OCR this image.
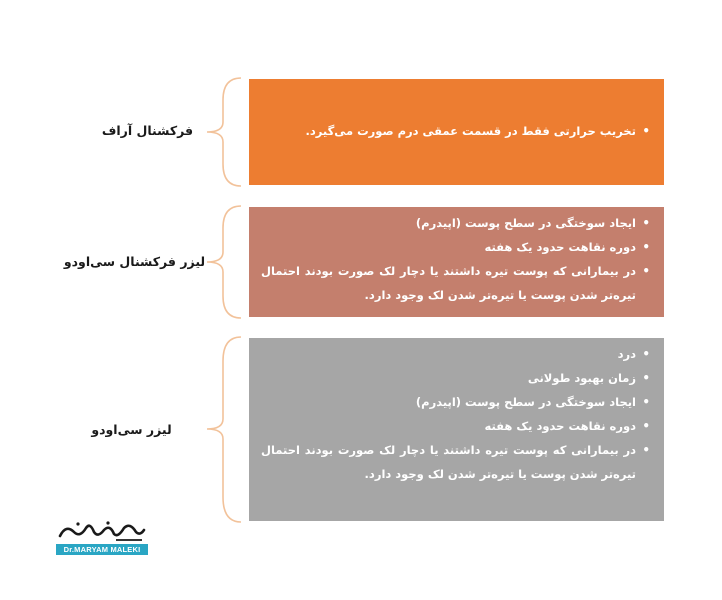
فرکشنال آراف
•	تخریب حرارتی فقط در قسمت عمقی درم صورت می‌گیرد.
لیزر فرکشنال سی‌اودو
• ایجاد سوختگی در سطح پوست (اپیدرم)
• دوره نقاهت حدود یک هفته
• در بیمارانی که پوست تیره داشتند یا دچار لک صورت بودند احتمال تیره‌تر شدن پوست یا تیره‌تر شدن لک وجود دارد.
لیزر سی‌اودو
• درد
• زمان بهبود طولانی
• ایجاد سوختگی در سطح پوست (اپیدرم)
• دوره نقاهت حدود یک هفته
• در بیمارانی که پوست تیره داشتند یا دچار لک صورت بودند احتمال تیره‌تر شدن پوست یا تیره‌تر شدن لک وجود دارد.
Dr.MARYAM MALEKI
